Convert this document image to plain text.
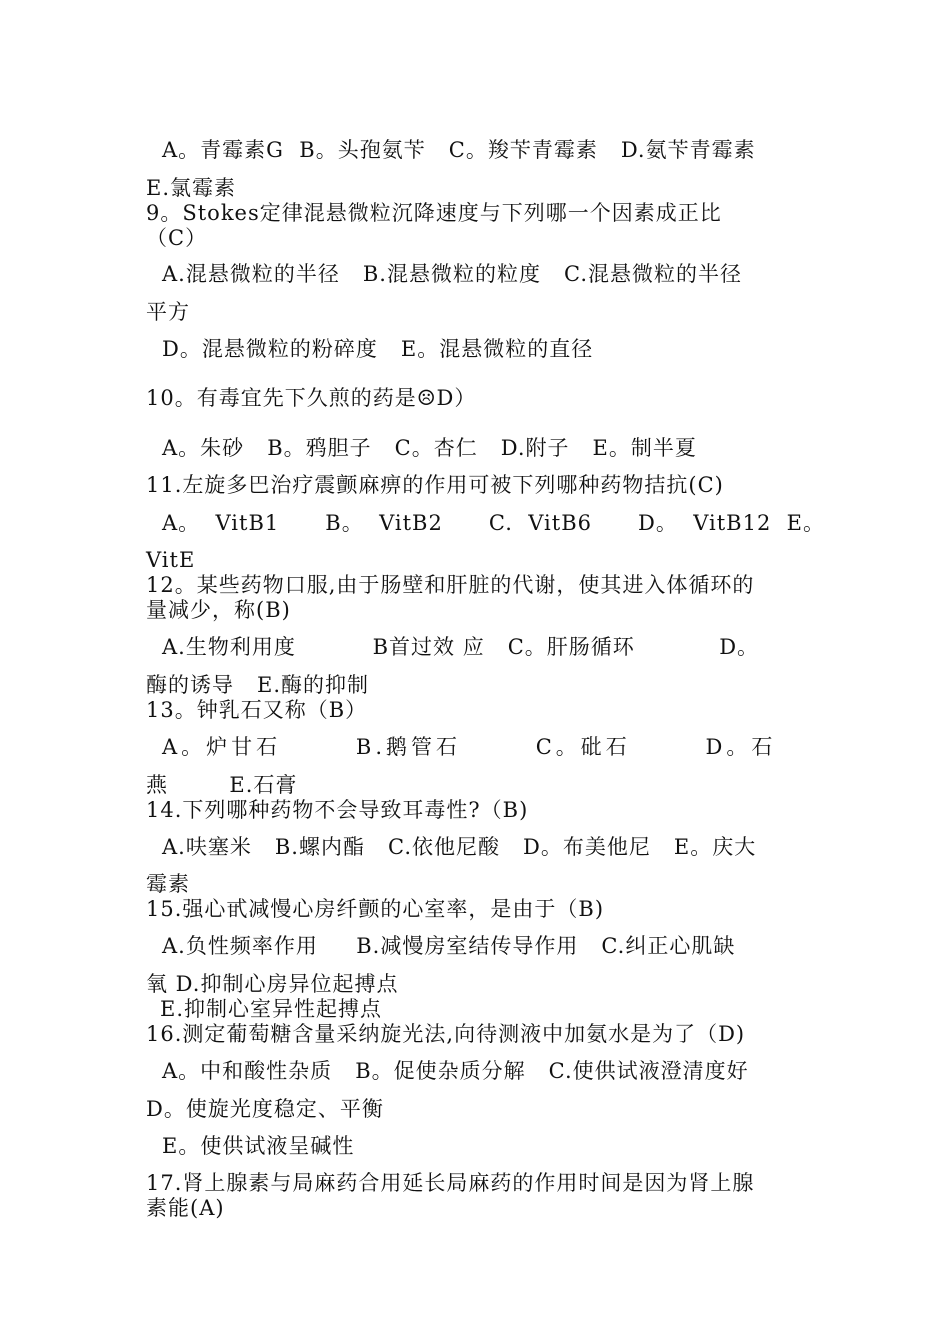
A。青霉素G  B。头孢氨苄   C。羧苄青霉素   D.氨苄青霉素
E.氯霉素
9。Stokes定律混悬微粒沉降速度与下列哪一个因素成正比
（C）
A.混悬微粒的半径   B.混悬微粒的粒度   C.混悬微粒的半径
平方
D。混悬微粒的粉碎度   E。混悬微粒的直径
10。有毒宜先下久煎的药是☹D）
A。朱砂   B。鸦胆子   C。杏仁   D.附子   E。制半夏
11.左旋多巴治疗震颤麻痹的作用可被下列哪种药物拮抗(C)
A。  VitB1      B。  VitB2      C.  VitB6      D。  VitB12  E。
VitE
12。某些药物口服,由于肠壁和肝脏的代谢，使其进入体循环的
量减少，称(B)
A.生物利用度          B首过效 应   C。肝肠循环           D。
酶的诱导   E.酶的抑制
13。钟乳石又称（B）
A。炉甘石       B.鹅管石       C。砒石       D。石
燕        E.石膏
14.下列哪种药物不会导致耳毒性?（B)
A.呋塞米   B.螺内酯   C.依他尼酸   D。布美他尼   E。庆大
霉素
15.强心甙减慢心房纤颤的心室率，是由于（B)
A.负性频率作用     B.减慢房室结传导作用   C.纠正心肌缺
氧 D.抑制心房异位起搏点
E.抑制心室异性起搏点
16.测定葡萄糖含量采纳旋光法,向待测液中加氨水是为了（D)
A。中和酸性杂质   B。促使杂质分解   C.使供试液澄清度好
D。使旋光度稳定、平衡
E。使供试液呈碱性
17.肾上腺素与局麻药合用延长局麻药的作用时间是因为肾上腺
素能(A)
